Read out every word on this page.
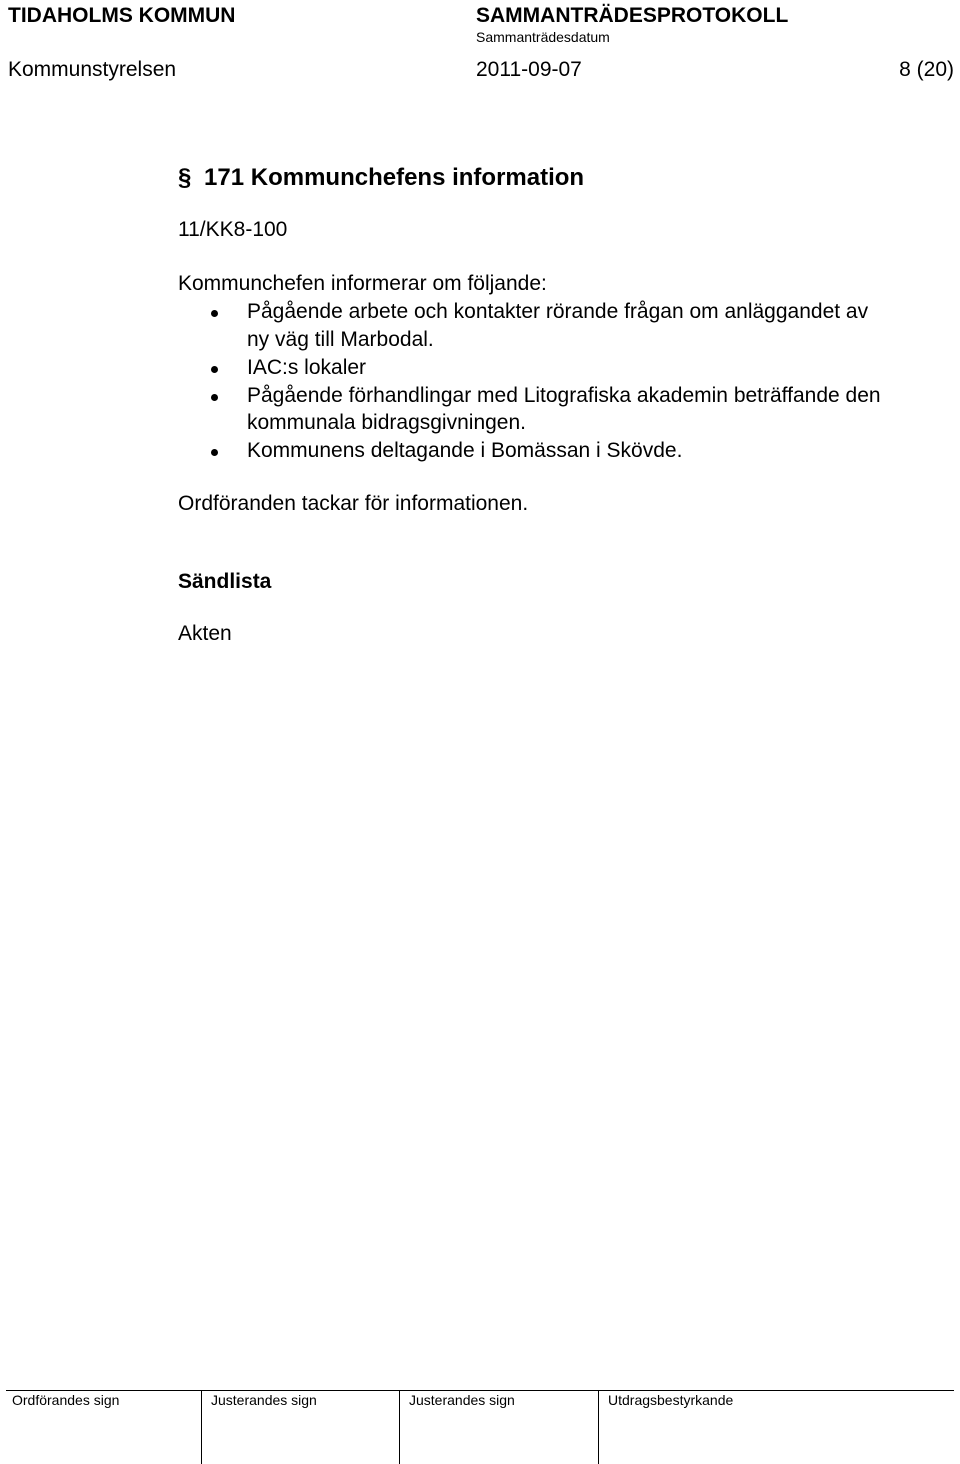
TIDAHOLMS KOMMUN	SAMMANTRÄDESPROTOKOLL
Sammanträdesdatum
Kommunstyrelsen	2011-09-07	8 (20)
§ 171 Kommunchefens information
11/KK8-100
Kommunchefen informerar om följande:
Pågående arbete och kontakter rörande frågan om anläggandet av
ny väg till Marbodal.
IAC:s lokaler
Pågående förhandlingar med Litografiska akademin beträffande den
kommunala bidragsgivningen.
Kommunens deltagande i Bomässan i Skövde.
Ordföranden tackar för informationen.
Sändlista
Akten
Ordförandes sign	Justerandes sign	Justerandes sign	Utdragsbestyrkande
